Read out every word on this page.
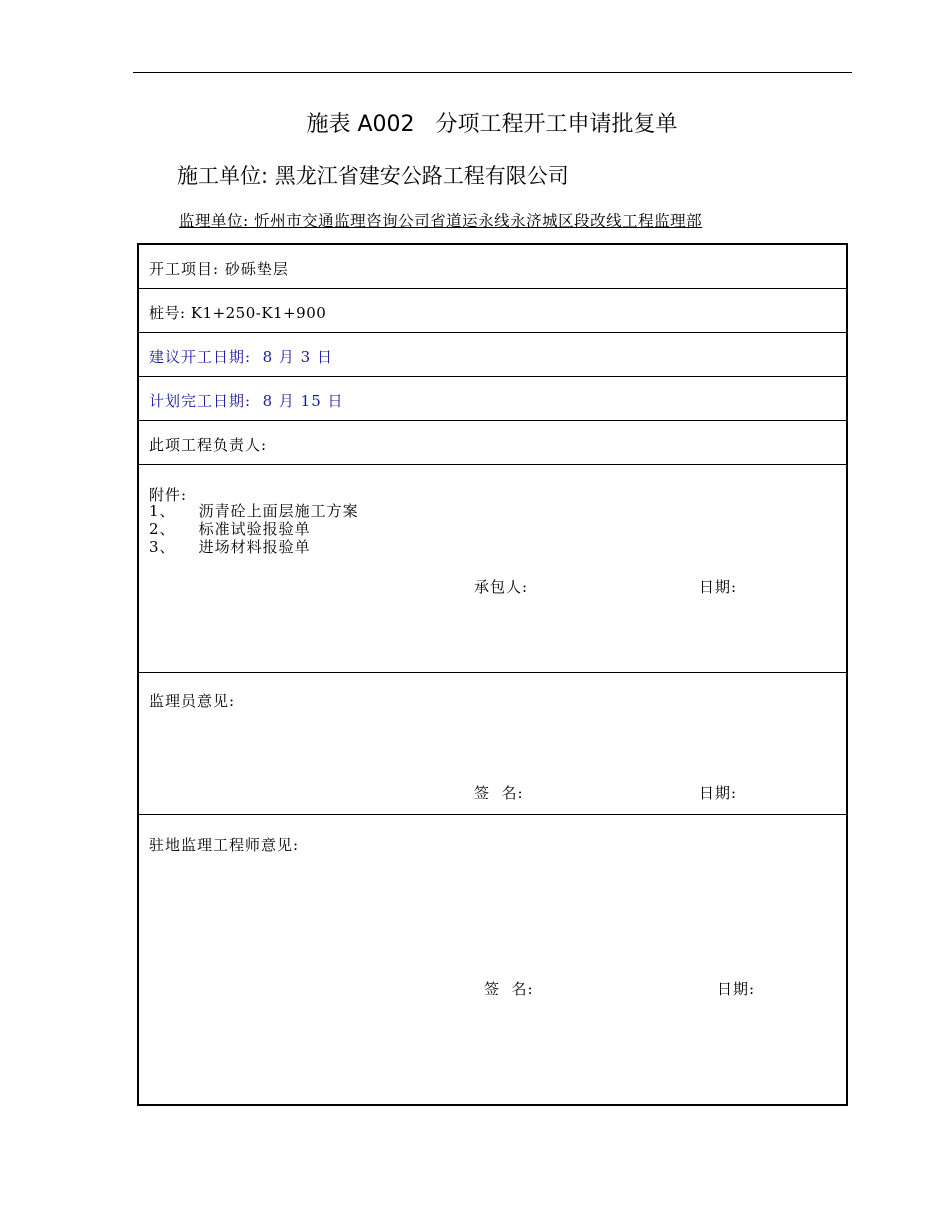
施表 A002   分项工程开工申请批复单
施工单位: 黑龙江省建安公路工程有限公司
监理单位: 忻州市交通监理咨询公司省道运永线永济城区段改线工程监理部
开工项目: 砂砾垫层
桩号: K1+250-K1+900
建议开工日期:  8 月 3 日
计划完工日期:  8 月 15 日
此项工程负责人:
附件:
1、    沥青砼上面层施工方案
2、    标准试验报验单
3、    进场材料报验单
承包人:	日期:
监理员意见:
签  名:	日期:
驻地监理工程师意见:
签  名:	日期:
